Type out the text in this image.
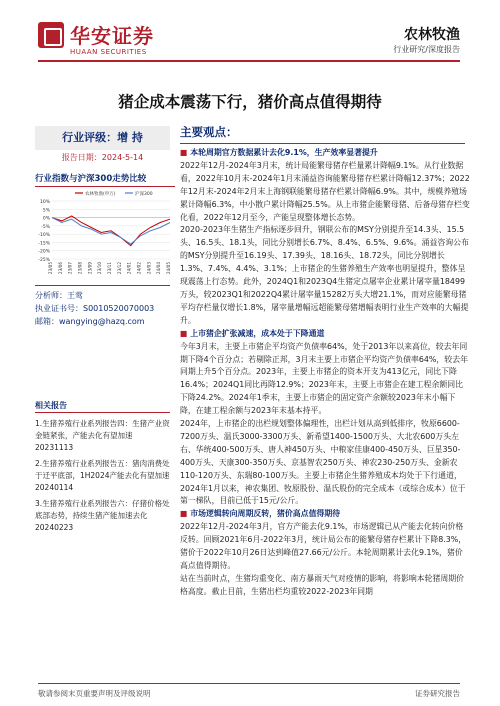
华安证券
HUAAN SECURITIES
农林牧渔
行业研究/深度报告
猪企成本震荡下行，猪价高点值得期待
行业评级：增 持
报告日期：2024-5-14
行业指数与沪深300走势比较
10%
5%
0%
-5%
-10%
-15%
-20%
-25%
23/05 23/06 23/07 23/08 23/09 23/10 23/11 23/12 24/01 24/02 24/03 24/04 24/05
农林牧渔(申万)	沪深300
分析师：王莺
执业证书号：S0010520070003
邮箱：wangying@hazq.com
相关报告
1.生猪养殖行业系列报告四：生猪产业资金链紧张，产能去化有望加速20231113
2.生猪养殖行业系列报告五：猪肉消费处于迁平底部，1H2024产能去化有望加速20240114
3.生猪养殖行业系列报告六：仔猪价格处底部态势，持续生猪产能加速去化20240223
主要观点：

■ 本轮周期官方数据累计去化9.1%，生产效率显著提升

2022年12月-2024年3月末，统计局能繁母猪存栏量累计降幅9.1%。从行业数据看，2022年10月末-2024年1月末涌益咨询能繁母猪存栏累计降幅12.37%；2022年12月末-2024年2月末上海钢联能繁母猪存栏累计降幅6.9%。其中，规模养殖场累计降幅6.3%，中小散户累计降幅25.5%。从上市猪企能繁母猪、后备母猪存栏变化看，2022年12月至今，产能呈现整体增长态势。

2020-2023年生猪生产指标逐步回升，钢联公布的MSY分别提升至14.3头、15.5头、16.5头、18.1头，同比分别增长6.7%、8.4%、6.5%、9.6%。涌益咨询公布的MSY分别提升至16.19头、17.39头、18.16头、18.72头，同比分别增长1.3%、7.4%、4.4%、3.1%；上市猪企的生猪养殖生产效率也明显提升，整体呈现震荡上行态势。此外，2024Q1和2023Q4生猪定点屠宰企业累计屠宰量18499万头，较2023Q1和2022Q4累计屠宰量15282万头大增21.1%，而对应能繁母猪平均存栏量仅增长1.8%，屠宰量增幅远超能繁母猪增幅表明行业生产效率的大幅提升。

■ 上市猪企扩张减速，成本处于下降通道

今年3月末，主要上市猪企平均资产负债率64%，处于2013年以来高位，较去年同期下降4个百分点；若剔除正邦，3月末主要上市猪企平均资产负债率64%，较去年同期上升5个百分点。2023年，主要上市猪企的资本开支为413亿元，同比下降16.4%；2024Q1同比再降12.9%；2023年末，主要上市猪企在建工程余额同比下降24.2%。2024年1季末，主要上市猪企的固定资产余额较2023年末小幅下降，在建工程余额与2023年末基本持平。

2024年，上市猪企的出栏规划整体偏理性，出栏计划从高到低排序，牧原6600-7200万头、温氏3000-3300万头、新希望1400-1500万头、大北农600万头左右、华统400-500万头、唐人神450万头、中粮家佳康400-450万头、巨星350-400万头、天康300-350万头、京基智农250万头、神农230-250万头、金新农110-120万头、东瑞80-100万头。主要上市猪企生猪养殖成本均处于下行通道，2024年1月以来，神农集团、牧原股份、温氏股份的完全成本（或综合成本）位于第一梯队，目前已低于15元/公斤。

■ 市场逻辑转向周期反转，猪价高点值得期待

2022年12月-2024年3月，官方产能去化9.1%，市场逻辑已从产能去化转向价格反转。回顾2021年6月-2022年3月，统计局公布的能繁母猪存栏累计下降8.3%，猪价于2022年10月26日达到峰值27.66元/公斤。本轮周期累计去化9.1%，猪价高点值得期待。

站在当前时点，生猪均重变化、南方暴雨天气对疫情的影响，将影响本轮猪周期价格高度。截止目前，生猪出栏均重较2022-2023年同期

敬请参阅末页重要声明及评级说明	证券研究报告
